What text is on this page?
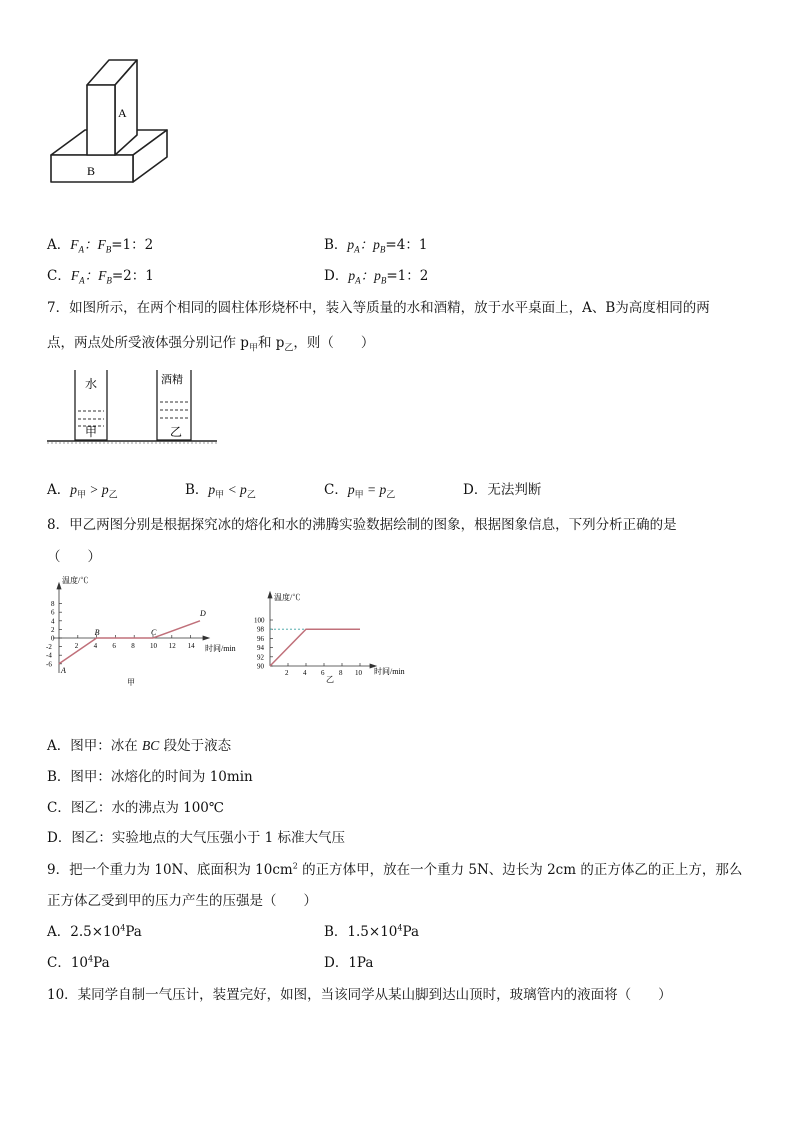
A
B
A．$F_A$：$F_B=1$：2	B．$p_A$：$p_B=4$：1
C．$F_A$：$F_B=2$：1	D．$p_A$：$p_B=1$：2
7．如图所示，在两个相同的圆柱体形烧杯中，装入等质量的水和酒精，放于水平桌面上，A、B为高度相同的两
点，两点处所受液体强分别记作 $p_甲$和 $p_乙$，则（　　）
水	酒精
甲	乙
A．$p_甲 > p_乙$	B．$p_甲 < p_乙$	C．$p_甲 = p_乙$	D．无法判断
8．甲乙两图分别是根据探究冰的熔化和水的沸腾实验数据绘制的图象，根据图象信息，下列分析正确的是
（　　）
温度/℃
时间/min
甲
2 4 6 8 10 12 14
8
6
4
2
0
-2
-4
-6
A
B	C
D
温度/℃
时间/min
乙
2 4 6 8 10
100
98
96
94
92
90
A．图甲：冰在 BC 段处于液态
B．图甲：冰熔化的时间为 10min
C．图乙：水的沸点为 100℃
D．图乙：实验地点的大气压强小于 1 标准大气压
9．把一个重力为 10N、底面积为 $10cm^2$ 的正方体甲，放在一个重力 5N、边长为 2cm 的正方体乙的正上方，那么
正方体乙受到甲的压力产生的压强是（　　）
A．$2.5\times 10^4Pa$	B．$1.5\times 10^4Pa$
C．$10^4Pa$	D．1Pa
10．某同学自制一气压计，装置完好，如图，当该同学从某山脚到达山顶时，玻璃管内的液面将（　　）
